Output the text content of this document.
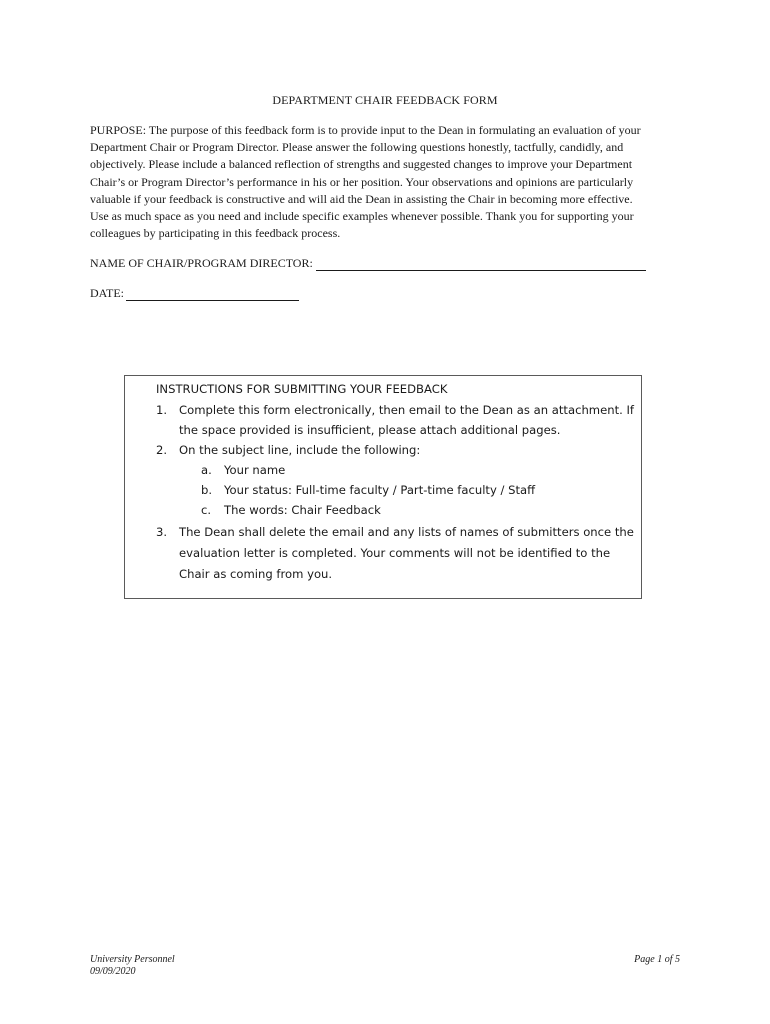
DEPARTMENT CHAIR FEEDBACK FORM
PURPOSE: The purpose of this feedback form is to provide input to the Dean in formulating an evaluation of your
Department Chair or Program Director. Please answer the following questions honestly, tactfully, candidly, and
objectively. Please include a balanced reflection of strengths and suggested changes to improve your Department
Chair’s or Program Director’s performance in his or her position. Your observations and opinions are particularly
valuable if your feedback is constructive and will aid the Dean in assisting the Chair in becoming more effective.
Use as much space as you need and include specific examples whenever possible. Thank you for supporting your
colleagues by participating in this feedback process.
NAME OF CHAIR/PROGRAM DIRECTOR:
DATE:
INSTRUCTIONS FOR SUBMITTING YOUR FEEDBACK
1. Complete this form electronically, then email to the Dean as an attachment. If
the space provided is insufficient, please attach additional pages.
2. On the subject line, include the following:
a. Your name
b. Your status: Full-time faculty / Part-time faculty / Staff
c. The words: Chair Feedback
3. The Dean shall delete the email and any lists of names of submitters once the
evaluation letter is completed. Your comments will not be identified to the
Chair as coming from you.
University Personnel
09/09/2020
Page 1 of 5
